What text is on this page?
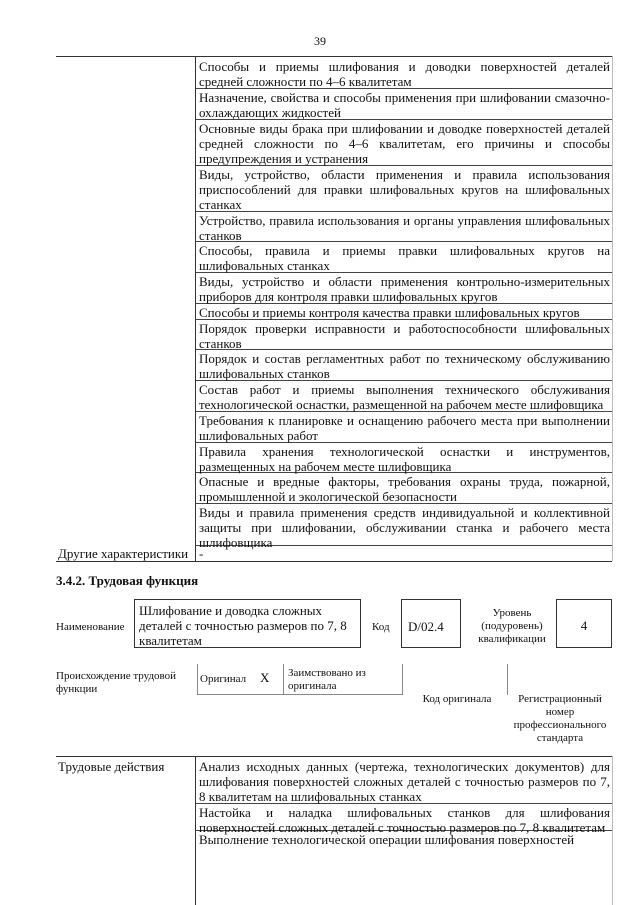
39
Способы и приемы шлифования и доводки поверхностей деталей средней сложности по 4–6 квалитетам
Назначение, свойства и способы применения при шлифовании смазочно-охлаждающих жидкостей
Основные виды брака при шлифовании и доводке поверхностей деталей средней сложности по 4–6 квалитетам, его причины и способы предупреждения и устранения
Виды, устройство, области применения и правила использования приспособлений для правки шлифовальных кругов на шлифовальных станках
Устройство, правила использования и органы управления шлифовальных станков
Способы, правила и приемы правки шлифовальных кругов на шлифовальных станках
Виды, устройство и области применения контрольно-измерительных приборов для контроля правки шлифовальных кругов
Способы и приемы контроля качества правки шлифовальных кругов
Порядок проверки исправности и работоспособности шлифовальных станков
Порядок и состав регламентных работ по техническому обслуживанию шлифовальных станков
Состав работ и приемы выполнения технического обслуживания технологической оснастки, размещенной на рабочем месте шлифовщика
Требования к планировке и оснащению рабочего места при выполнении шлифовальных работ
Правила хранения технологической оснастки и инструментов, размещенных на рабочем месте шлифовщика
Опасные и вредные факторы, требования охраны труда, пожарной, промышленной и экологической безопасности
Виды и правила применения средств индивидуальной и коллективной защиты при шлифовании, обслуживании станка и рабочего места шлифовщика
Другие характеристики -
3.4.2. Трудовая функция
Наименование
Шлифование и доводка сложных деталей с точностью размеров по 7, 8 квалитетам
Код	D/02.4
Уровень (подуровень) квалификации
4
Происхождение трудовой функции
Оригинал X Заимствовано из оригинала
Код оригинала	Регистрационный номер профессионального стандарта
Трудовые действия	Анализ исходных данных (чертежа, технологических документов) для шлифования поверхностей сложных деталей с точностью размеров по 7, 8 квалитетам на шлифовальных станках
Настойка и наладка шлифовальных станков для шлифования поверхностей сложных деталей с точностью размеров по 7, 8 квалитетам
Выполнение технологической операции шлифования поверхностей
